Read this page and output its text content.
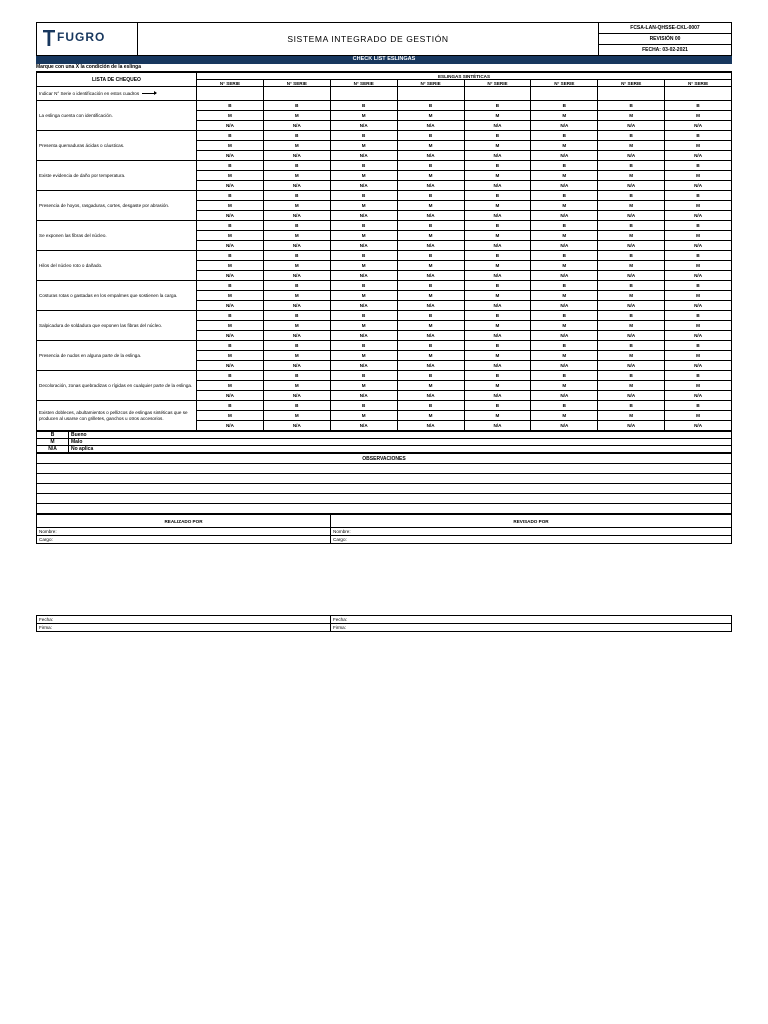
FUGRO	SISTEMA INTEGRADO DE GESTIÓN	FCSA-LAN-QHSSE-CKL-0007
REVISIÓN 00
FECHA: 03-02-2021
CHECK LIST ESLINGAS
Marque con una X la condición de la eslinga
LISTA DE CHEQUEO	ESLINGAS SINTÉTICAS							
	N° SERIE	N° SERIE	N° SERIE	N° SERIE	N° SERIE	N° SERIE	N° SERIE	N° SERIE
Indicar N° Serie o identificación en estos cuadros								
La eslinga cuenta con identificación.	B	B	B	B	B	B	B	B
	M	M	M	M	M	M	M	M
	N/A	N/A	N/A	N/A	N/A	N/A	N/A	N/A
Presenta quemaduras ácidas o cáusticas.	B	B	B	B	B	B	B	B
	M	M	M	M	M	M	M	M
	N/A	N/A	N/A	N/A	N/A	N/A	N/A	N/A
Existe evidencia de daño por temperatura.	B	B	B	B	B	B	B	B
	M	M	M	M	M	M	M	M
	N/A	N/A	N/A	N/A	N/A	N/A	N/A	N/A
Presencia de hoyos, rasgaduras, cortes, desgaste por abrasión.	B	B	B	B	B	B	B	B
	M	M	M	M	M	M	M	M
	N/A	N/A	N/A	N/A	N/A	N/A	N/A	N/A
Se exponen las fibras del núcleo.	B	B	B	B	B	B	B	B
	M	M	M	M	M	M	M	M
	N/A	N/A	N/A	N/A	N/A	N/A	N/A	N/A
Hilos del núcleo roto o dañado.	B	B	B	B	B	B	B	B
	M	M	M	M	M	M	M	M
	N/A	N/A	N/A	N/A	N/A	N/A	N/A	N/A
Costuras rotas o gastadas en los empalmes que sostienen la carga.	B	B	B	B	B	B	B	B
	M	M	M	M	M	M	M	M
	N/A	N/A	N/A	N/A	N/A	N/A	N/A	N/A
Salpicadura de soldadura que exponen las fibras del núcleo.	B	B	B	B	B	B	B	B
	M	M	M	M	M	M	M	M
	N/A	N/A	N/A	N/A	N/A	N/A	N/A	N/A
Presencia de nudos en alguna parte de la eslinga.	B	B	B	B	B	B	B	B
	M	M	M	M	M	M	M	M
	N/A	N/A	N/A	N/A	N/A	N/A	N/A	N/A
Decoloración, zonas quebradizas o rígidas en cualquier parte de la eslinga.	B	B	B	B	B	B	B	B
	M	M	M	M	M	M	M	M
	N/A	N/A	N/A	N/A	N/A	N/A	N/A	N/A
Existen dobleces, abultamientos o pellizcos de eslingas sintéticas que se producen al usarse con grilletes, ganchos u otros accesorios.	B	B	B	B	B	B	B	B
	M	M	M	M	M	M	M	M
	N/A	N/A	N/A	N/A	N/A	N/A	N/A	N/A
B	Bueno
M	Malo
N/A	No aplica
OBSERVACIONES

REALIZADO POR	REVISADO POR
Nombre:	Nombre:
Cargo:	Cargo:
Fecha:	Fecha:
Firma:	Firma:
